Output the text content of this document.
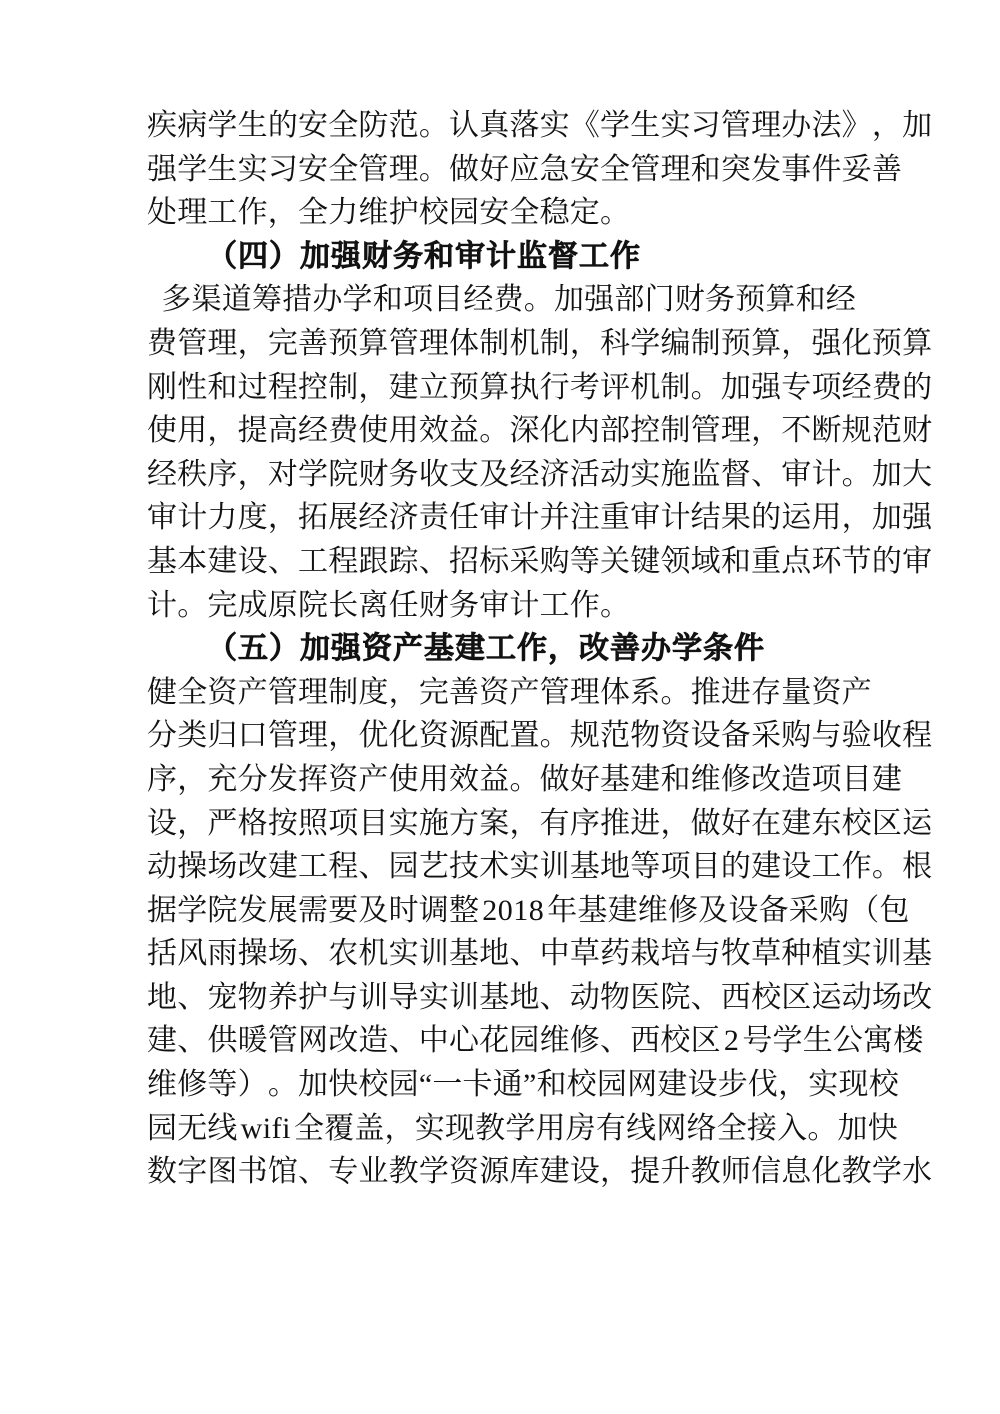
疾 病 学 生 的 安 全 防 范 。 认 真 落 实 《 学 生 实 习 管 理 办 法 》 ， 加
强 学 生 实 习 安 全 管 理 。 做 好 应 急 安 全 管 理 和 突 发 事 件 妥 善
处理工作，全力维护校园安全稳定。
（四）加强财务和审计监督工作
多 渠 道 筹 措 办 学 和 项 目 经 费 。 加 强 部 门 财 务 预 算 和 经
费 管 理 ， 完 善 预 算 管 理 体 制 机 制 ， 科 学 编 制 预 算 ， 强 化 预 算
刚 性 和 过 程 控 制 ， 建 立 预 算 执 行 考 评 机 制 。 加 强 专 项 经 费 的
使 用 ， 提 高 经 费 使 用 效 益 。 深 化 内 部 控 制 管 理 ， 不 断 规 范 财
经 秩 序 ， 对 学 院 财 务 收 支 及 经 济 活 动 实 施 监 督 、 审 计 。 加 大
审 计 力 度 ， 拓 展 经 济 责 任 审 计 并 注 重 审 计 结 果 的 运 用 ， 加 强
基 本 建 设 、 工 程 跟 踪 、 招 标 采 购 等 关 键 领 域 和 重 点 环 节 的 审
计。完成原院长离任财务审计工作。
（五）加强资产基建工作，改善办学条件
健 全 资 产 管 理 制 度 ， 完 善 资 产 管 理 体 系 。 推 进 存 量 资 产
分 类 归 口 管 理 ， 优 化 资 源 配 置 。 规 范 物 资 设 备 采 购 与 验 收 程
序 ， 充 分 发 挥 资 产 使 用 效 益 。 做 好 基 建 和 维 修 改 造 项 目 建
设 ， 严 格 按 照 项 目 实 施 方 案 ， 有 序 推 进 ， 做 好 在 建 东 校 区 运
动 操 场 改 建 工 程 、 园 艺 技 术 实 训 基 地 等 项 目 的 建 设 工 作 。 根
据学院发展需要及时调整 2018 年基建维修及设备采购（包
括 风 雨 操 场 、 农 机 实 训 基 地 、 中 草 药 栽 培 与 牧 草 种 植 实 训 基
地 、 宠 物 养 护 与 训 导 实 训 基 地 、 动 物 医 院 、 西 校 区 运 动 场 改
建、供暖管网改造、中心花园维修、西校区 2 号学生公寓楼
维 修 等 ） 。 加 快 校 园 “ 一 卡 通 ” 和 校 园 网 建 设 步 伐 ， 实 现 校
园无线 wifi 全覆盖，实现教学用房有线网络全接入。加快
数 字 图 书 馆 、 专 业 教 学 资 源 库 建 设 ， 提 升 教 师 信 息 化 教 学 水
